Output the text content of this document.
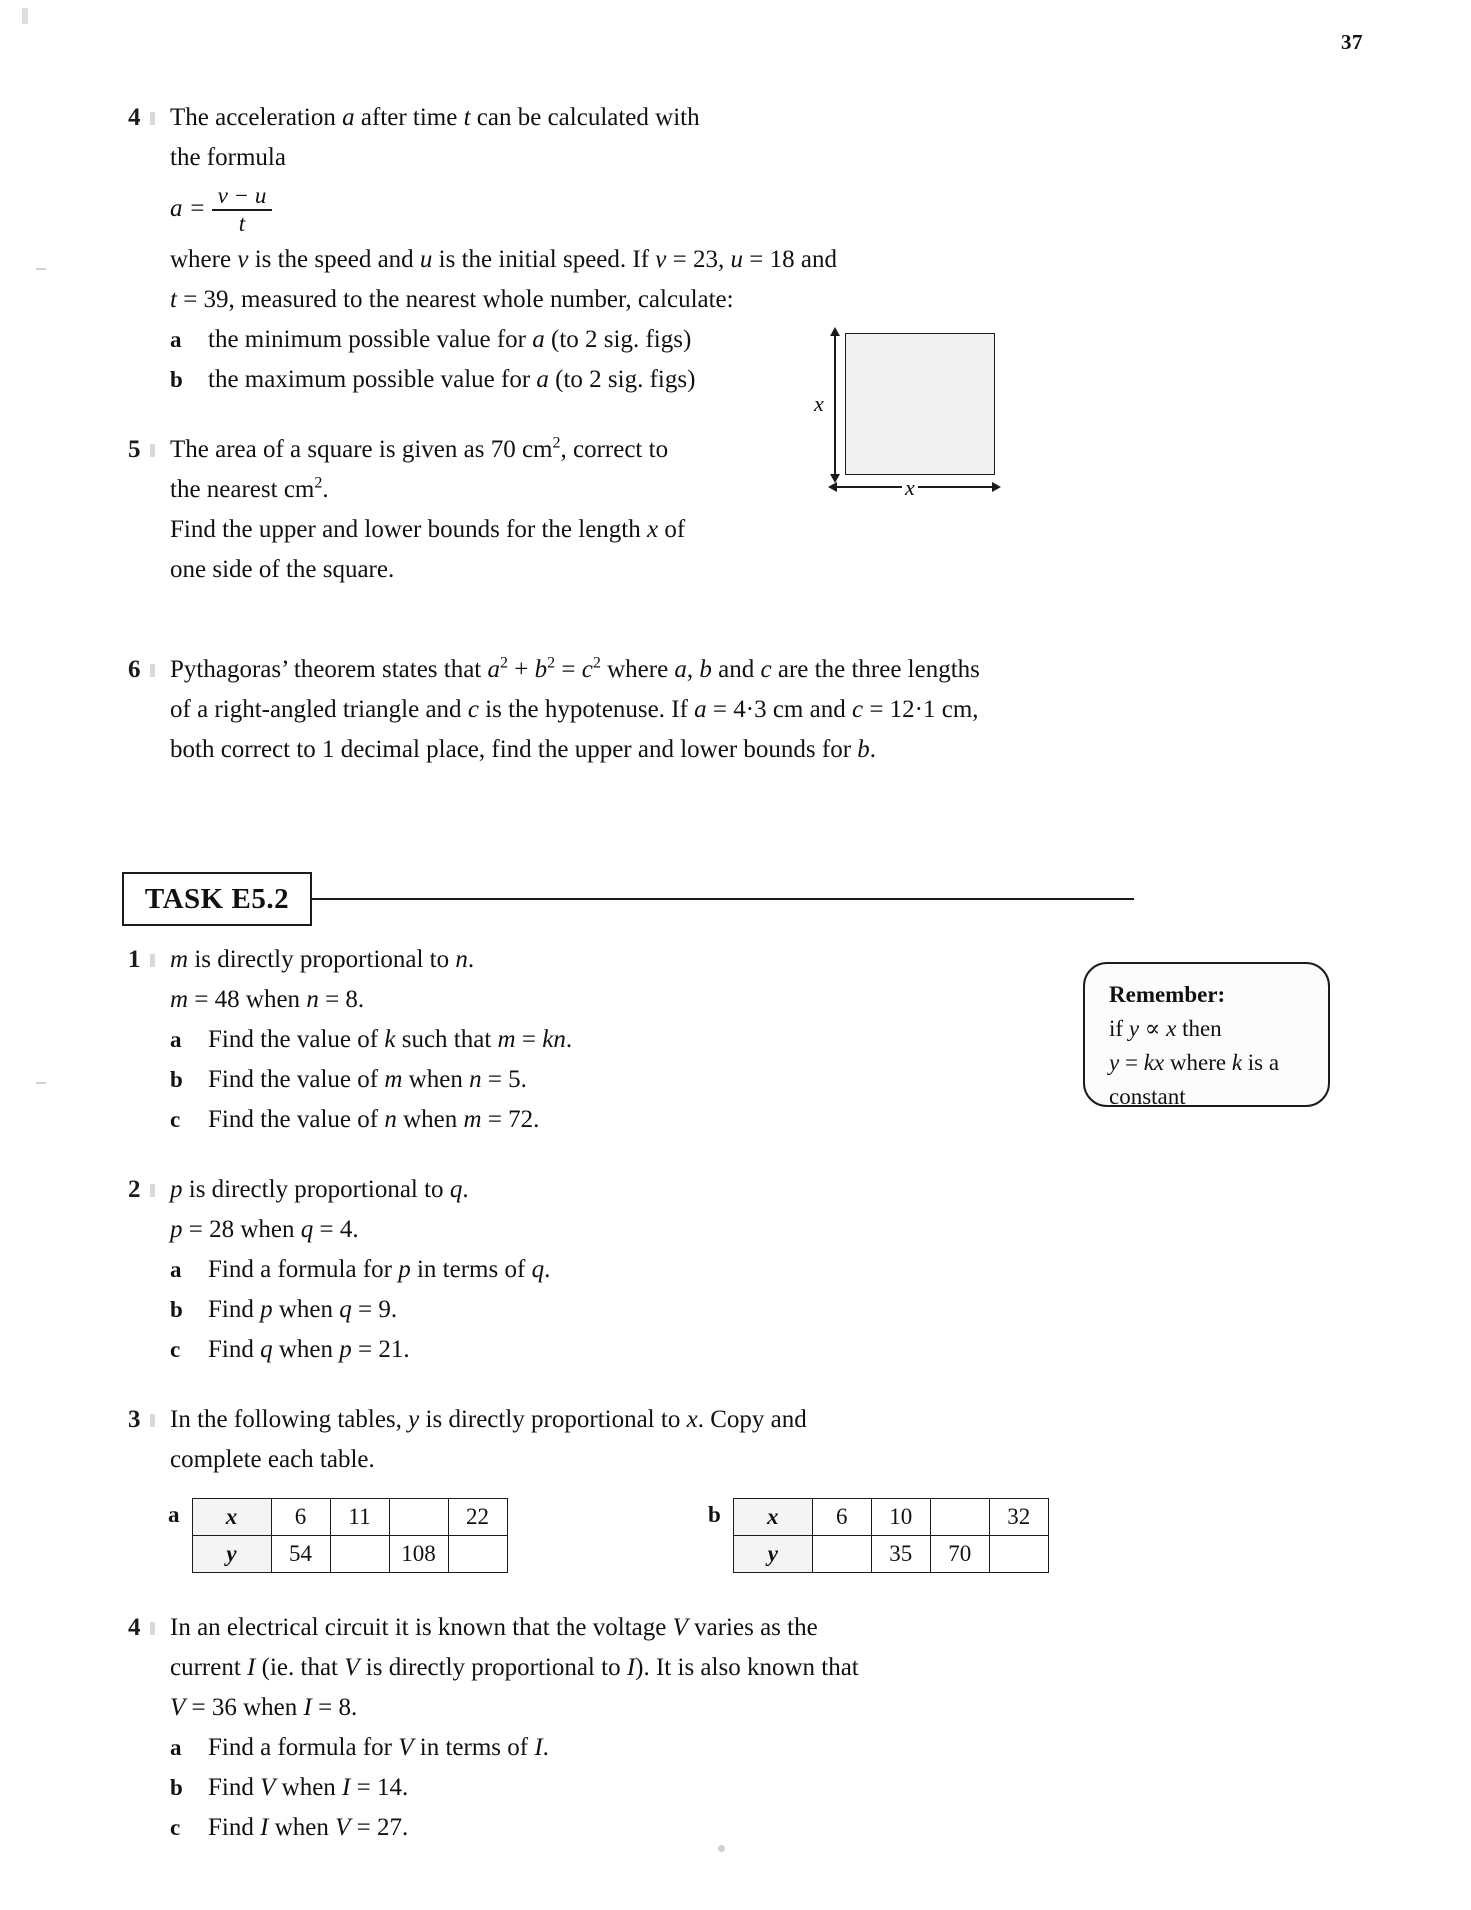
37
4	The acceleration a after time t can be calculated with
the formula
$a = \frac{v - u}{t}$
where v is the speed and u is the initial speed. If v = 23, u = 18 and
t = 39, measured to the nearest whole number, calculate:
a	the minimum possible value for a (to 2 sig. figs)
b	the maximum possible value for a (to 2 sig. figs)
5	The area of a square is given as 70 $cm^2$, correct to
the nearest $cm^2$.
Find the upper and lower bounds for the length x of
one side of the square.
6	Pythagoras’ theorem states that $a^2 + b^2 = c^2$ where a, b and c are the three lengths
of a right-angled triangle and c is the hypotenuse. If a = 4·3 cm and c = 12·1 cm,
both correct to 1 decimal place, find the upper and lower bounds for b.
x
x
TASK E5.2
Remember:
if y ∝ x then
y = kx where k is a
constant
1	m is directly proportional to n.
m = 48 when n = 8.
a	Find the value of k such that m = kn.
b	Find the value of m when n = 5.
c	Find the value of n when m = 72.
2	p is directly proportional to q.
p = 28 when q = 4.
a	Find a formula for p in terms of q.
b	Find p when q = 9.
c	Find q when p = 21.
3	In the following tables, y is directly proportional to x. Copy and
complete each table.
a x	6	11		22
y	54		108	
b x	6	10		32
y		35	70	
4	In an electrical circuit it is known that the voltage V varies as the
current I (ie. that V is directly proportional to I). It is also known that
V = 36 when I = 8.
a	Find a formula for V in terms of I.
b	Find V when I = 14.
c	Find I when V = 27.
